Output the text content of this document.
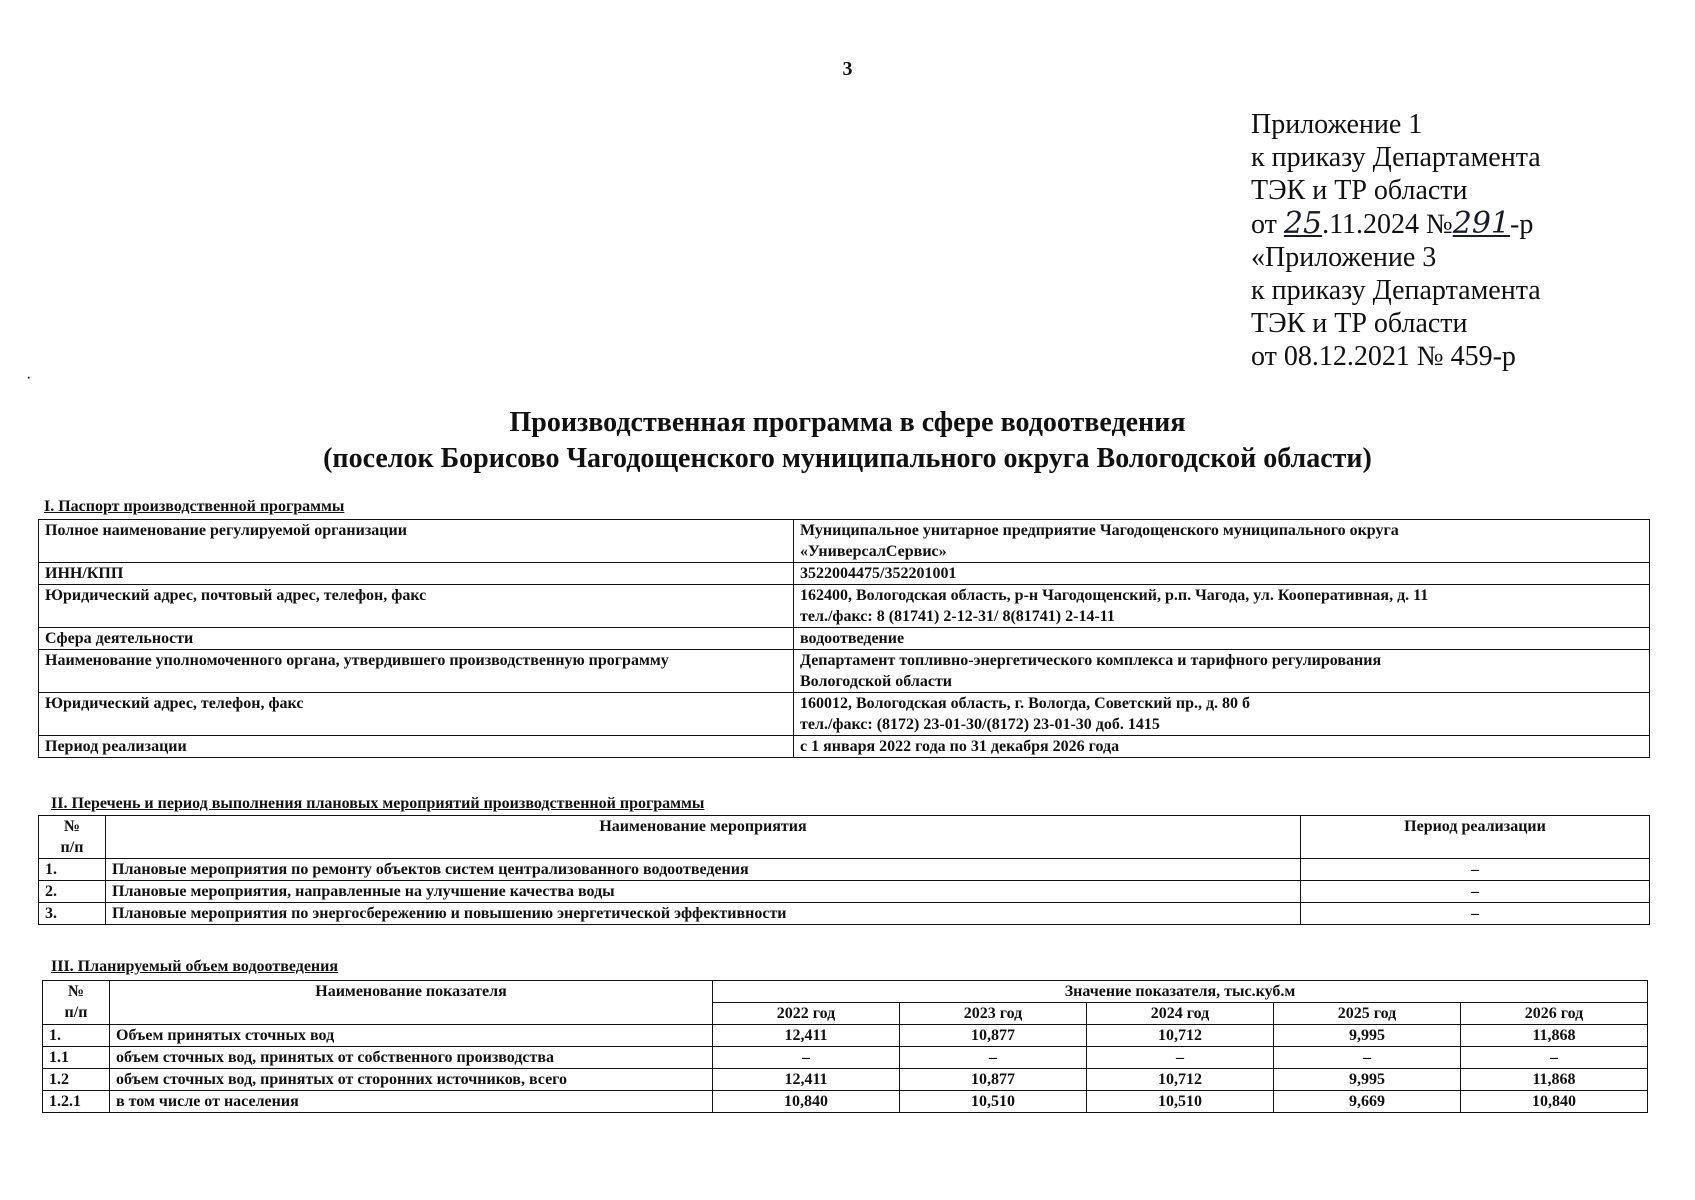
3
·
Приложение 1
к приказу Департамента
ТЭК и ТР области
от 25.11.2024 №291-р
«Приложение 3
к приказу Департамента
ТЭК и ТР области
от 08.12.2021 № 459-р
Производственная программа в сфере водоотведения
(поселок Борисово Чагодощенского муниципального округа Вологодской области)
I. Паспорт производственной программы
Полное наименование регулируемой организации	Муниципальное унитарное предприятие Чагодощенского муниципального округа
«УниверсалСервис»

ИНН/КПП	3522004475/352201001
Юридический адрес, почтовый адрес, телефон, факс	162400, Вологодская область, р-н Чагодощенский, р.п. Чагода, ул. Кооперативная, д. 11
тел./факс: 8 (81741) 2-12-31/ 8(81741) 2-14-11

Сфера деятельности	водоотведение
Наименование уполномоченного органа, утвердившего производственную программу	Департамент топливно-энергетического комплекса и тарифного регулирования
Вологодской области

Юридический адрес, телефон, факс	160012, Вологодская область, г. Вологда, Советский пр., д. 80 б
тел./факс: (8172) 23-01-30/(8172) 23-01-30 доб. 1415

Период реализации	с 1 января 2022 года по 31 декабря 2026 года
II. Перечень и период выполнения плановых мероприятий производственной программы
№
п/п	Наименование мероприятия	Период реализации
1.	Плановые мероприятия по ремонту объектов систем централизованного водоотведения	–
2.	Плановые мероприятия, направленные на улучшение качества воды	–
3.	Плановые мероприятия по энергосбережению и повышению энергетической эффективности	–
III. Планируемый объем водоотведения
№
п/п	Наименование показателя	Значение показателя, тыс.куб.м				
		2022 год	2023 год	2024 год	2025 год	2026 год
1.	Объем принятых сточных вод	12,411	10,877	10,712	9,995	11,868
1.1	объем сточных вод, принятых от собственного производства	–	–	–	–	–
1.2	объем сточных вод, принятых от сторонних источников, всего	12,411	10,877	10,712	9,995	11,868
1.2.1	в том числе от населения	10,840	10,510	10,510	9,669	10,840
